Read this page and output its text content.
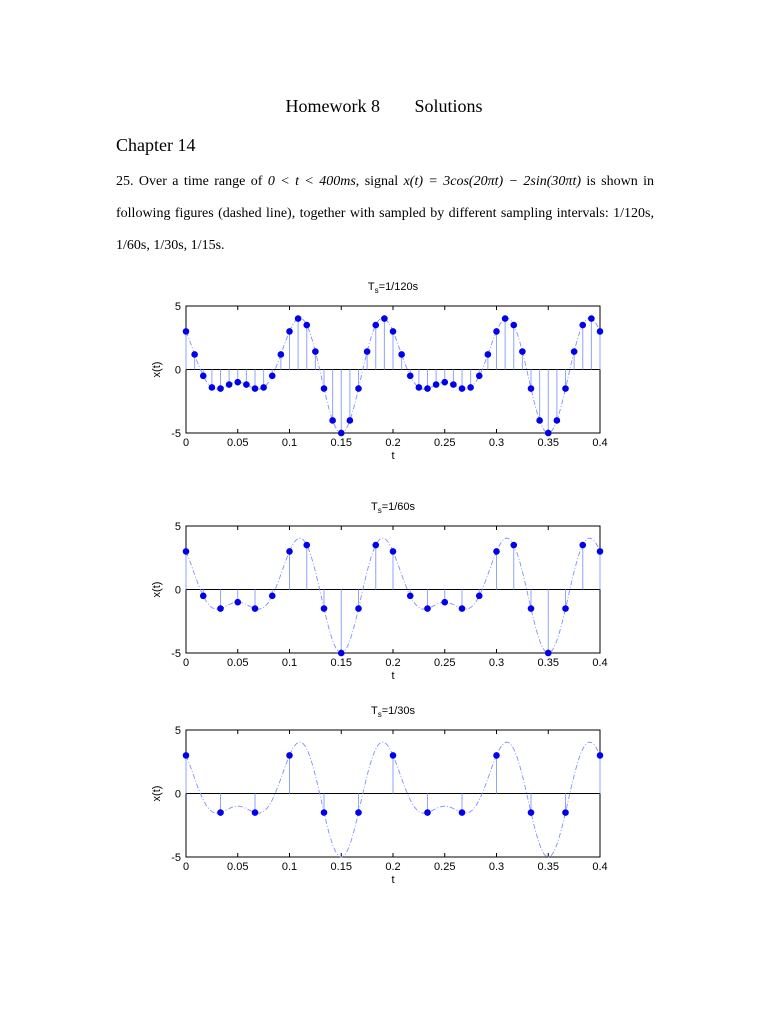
Homework 8 Solutions
Chapter 14
25. Over a time range of 0 < t < 400ms, signal x(t) = 3cos(20πt) − 2sin(30πt) is shown in following figures (dashed line), together with sampled by different sampling intervals: 1/120s, 1/60s, 1/30s, 1/15s.
$T_s=1/120s$
0	0.05	0.1	0.15	0.2	0.25	0.3	0.35	0.4
5
0
-5
t
x(t)
$T_s=1/60s$
0	0.05	0.1	0.15	0.2	0.25	0.3	0.35	0.4
5
0
-5
t
x(t)
$T_s=1/30s$
0	0.05	0.1	0.15	0.2	0.25	0.3	0.35	0.4
5
0
-5
t
x(t)
